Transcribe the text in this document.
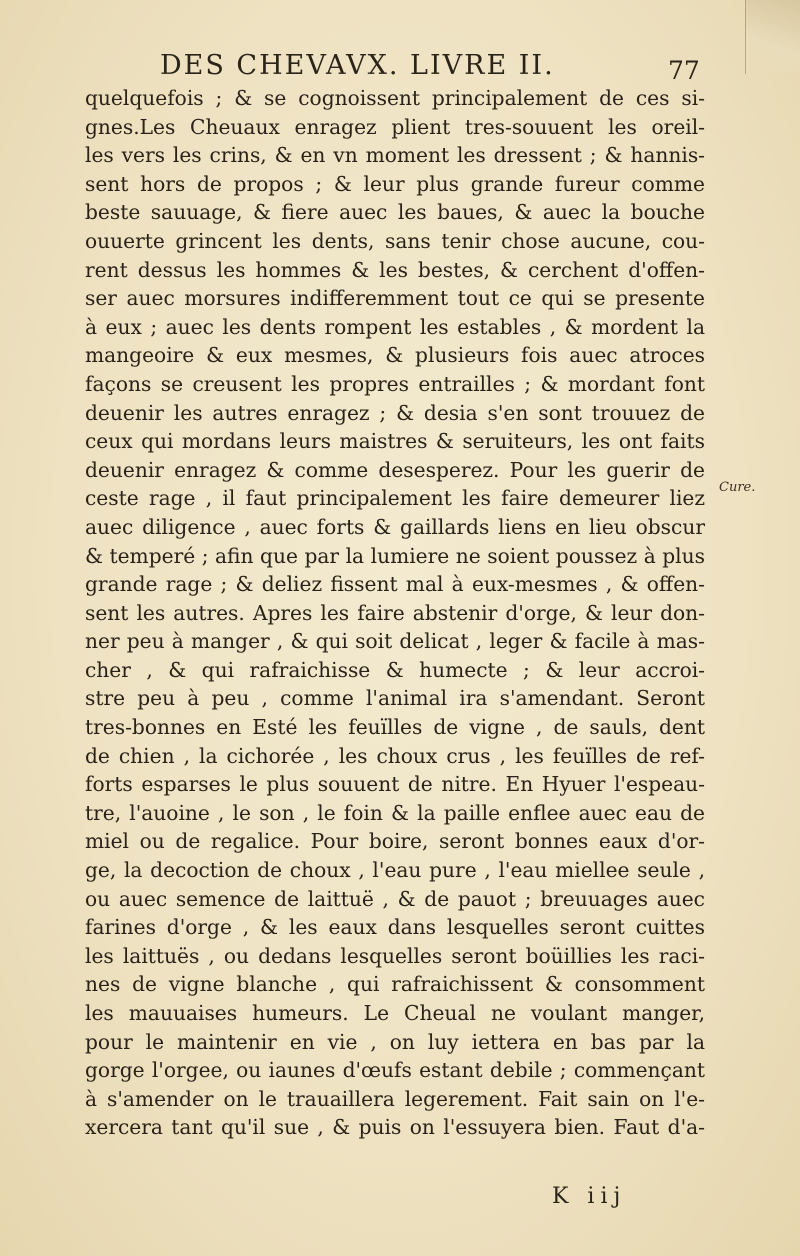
DES CHEVAVX. LIVRE II.	77
quelquefois ; & se cognoissent principalement de ces si-
gnes.Les Cheuaux enragez plient tres-souuent les oreil-
les vers les crins, & en vn moment les dressent ; & hannis-
sent hors de propos ; & leur plus grande fureur comme
beste sauuage, & fiere auec les baues, & auec la bouche
ouuerte grincent les dents, sans tenir chose aucune, cou-
rent dessus les hommes & les bestes, & cerchent d'offen-
ser auec morsures indifferemment tout ce qui se presente
à eux ; auec les dents rompent les estables , & mordent la
mangeoire & eux mesmes, & plusieurs fois auec atroces
façons se creusent les propres entrailles ; & mordant font
deuenir les autres enragez ; & desia s'en sont trouuez de
ceux qui mordans leurs maistres & seruiteurs, les ont faits
deuenir enragez & comme desesperez. Pour les guerir de
ceste rage , il faut principalement les faire demeurer liez
auec diligence , auec forts & gaillards liens en lieu obscur
& temperé ; afin que par la lumiere ne soient poussez à plus
grande rage ; & deliez fissent mal à eux-mesmes , & offen-
sent les autres. Apres les faire abstenir d'orge, & leur don-
ner peu à manger , & qui soit delicat , leger & facile à mas-
cher , & qui rafraichisse & humecte ; & leur accroi-
stre peu à peu , comme l'animal ira s'amendant. Seront
tres-bonnes en Esté les feuïlles de vigne , de sauls, dent
de chien , la cichorée , les choux crus , les feuïlles de ref-
forts esparses le plus souuent de nitre. En Hyuer l'espeau-
tre, l'auoine , le son , le foin & la paille enflee auec eau de
miel ou de regalice. Pour boire, seront bonnes eaux d'or-
ge, la decoction de choux , l'eau pure , l'eau miellee seule ,
ou auec semence de laittuë , & de pauot ; breuuages auec
farines d'orge , & les eaux dans lesquelles seront cuittes
les laittuës , ou dedans lesquelles seront boüillies les raci-
nes de vigne blanche , qui rafraichissent & consomment
les mauuaises humeurs. Le Cheual ne voulant manger,
pour le maintenir en vie , on luy iettera en bas par la
gorge l'orgee, ou iaunes d'œufs estant debile ; commençant
à s'amender on le trauaillera legerement. Fait sain on l'e-
xercera tant qu'il sue , & puis on l'essuyera bien. Faut d'a-
Cure.
K iij
